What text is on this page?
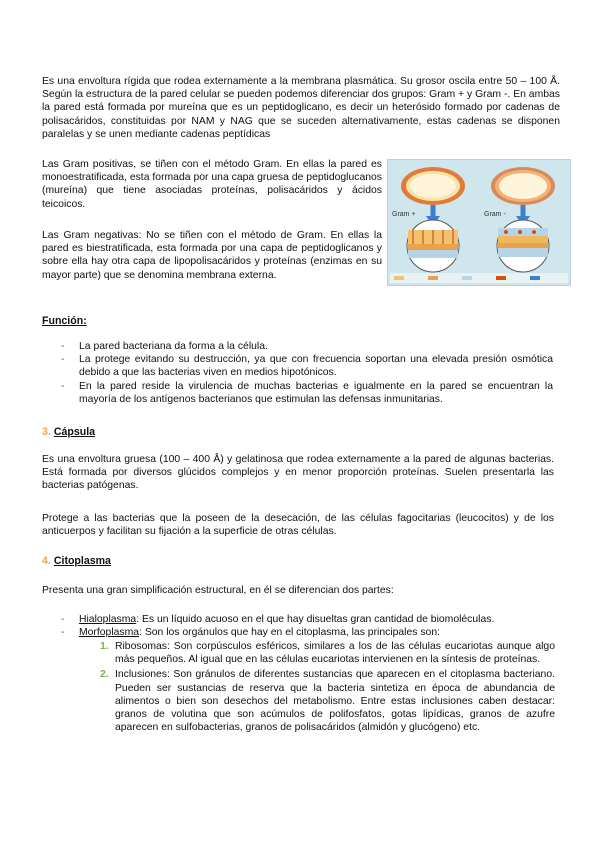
Es una envoltura rígida que rodea externamente a la membrana plasmática. Su grosor oscila entre 50 – 100 Å. Según la estructura de la pared celular se pueden podemos diferenciar dos grupos: Gram + y Gram -. En ambas la pared está formada por mureína que es un peptidoglicano, es decir un heterósido formado por cadenas de polisacáridos, constituidas por NAM y NAG que se suceden alternativamente, estas cadenas se disponen paralelas y se unen mediante cadenas peptídicas

Las Gram positivas, se tiñen con el método Gram. En ellas la pared es monoestratificada, esta formada por una capa gruesa de peptidoglucanos (mureína) que tiene asociadas proteínas, polisacáridos y ácidos teicoicos.

Las Gram negativas: No se tiñen con el método de Gram. En ellas la pared es biestratificada, esta formada por una capa de peptidoglicanos y sobre ella hay otra capa de lipopolisacáridos y proteínas (enzimas en su mayor parte) que se denomina membrana externa.

Gram +	Gram -
Función:
- La pared bacteriana da forma a la célula.
- La protege evitando su destrucción, ya que con frecuencia soportan una elevada presión osmótica debido a que las bacterias viven en medios hipotónicos.
- En la pared reside la virulencia de muchas bacterias e igualmente en la pared se encuentran la mayoría de los antígenos bacterianos que estimulan las defensas inmunitarias.
3. Cápsula

Es una envoltura gruesa (100 – 400 Å) y gelatinosa que rodea externamente a la pared de algunas bacterias. Está formada por diversos glúcidos complejos y en menor proporción proteínas. Suelen presentarla las bacterias patógenas.

Protege a las bacterias que la poseen de la desecación, de las células fagocitarias (leucocitos) y de los anticuerpos y facilitan su fijación a la superficie de otras células.

4. Citoplasma

Presenta una gran simplificación estructural, en él se diferencian dos partes:

- Hialoplasma: Es un líquido acuoso en el que hay disueltas gran cantidad de biomoléculas.
- Morfoplasma: Son los orgánulos que hay en el citoplasma, las principales son:
1. Ribosomas: Son corpúsculos esféricos, similares a los de las células eucariotas aunque algo más pequeños. Al igual que en las células eucariotas intervienen en la síntesis de proteínas.
2. Inclusiones: Son gránulos de diferentes sustancias que aparecen en el citoplasma bacteriano. Pueden ser sustancias de reserva que la bacteria sintetiza en época de abundancia de alimentos o bien son desechos del metabolismo. Entre estas inclusiones caben destacar: granos de volutina que son acúmulos de polifosfatos, gotas lipídicas, granos de azufre aparecen en sulfobacterias, granos de polisacáridos (almidón y glucógeno) etc.
